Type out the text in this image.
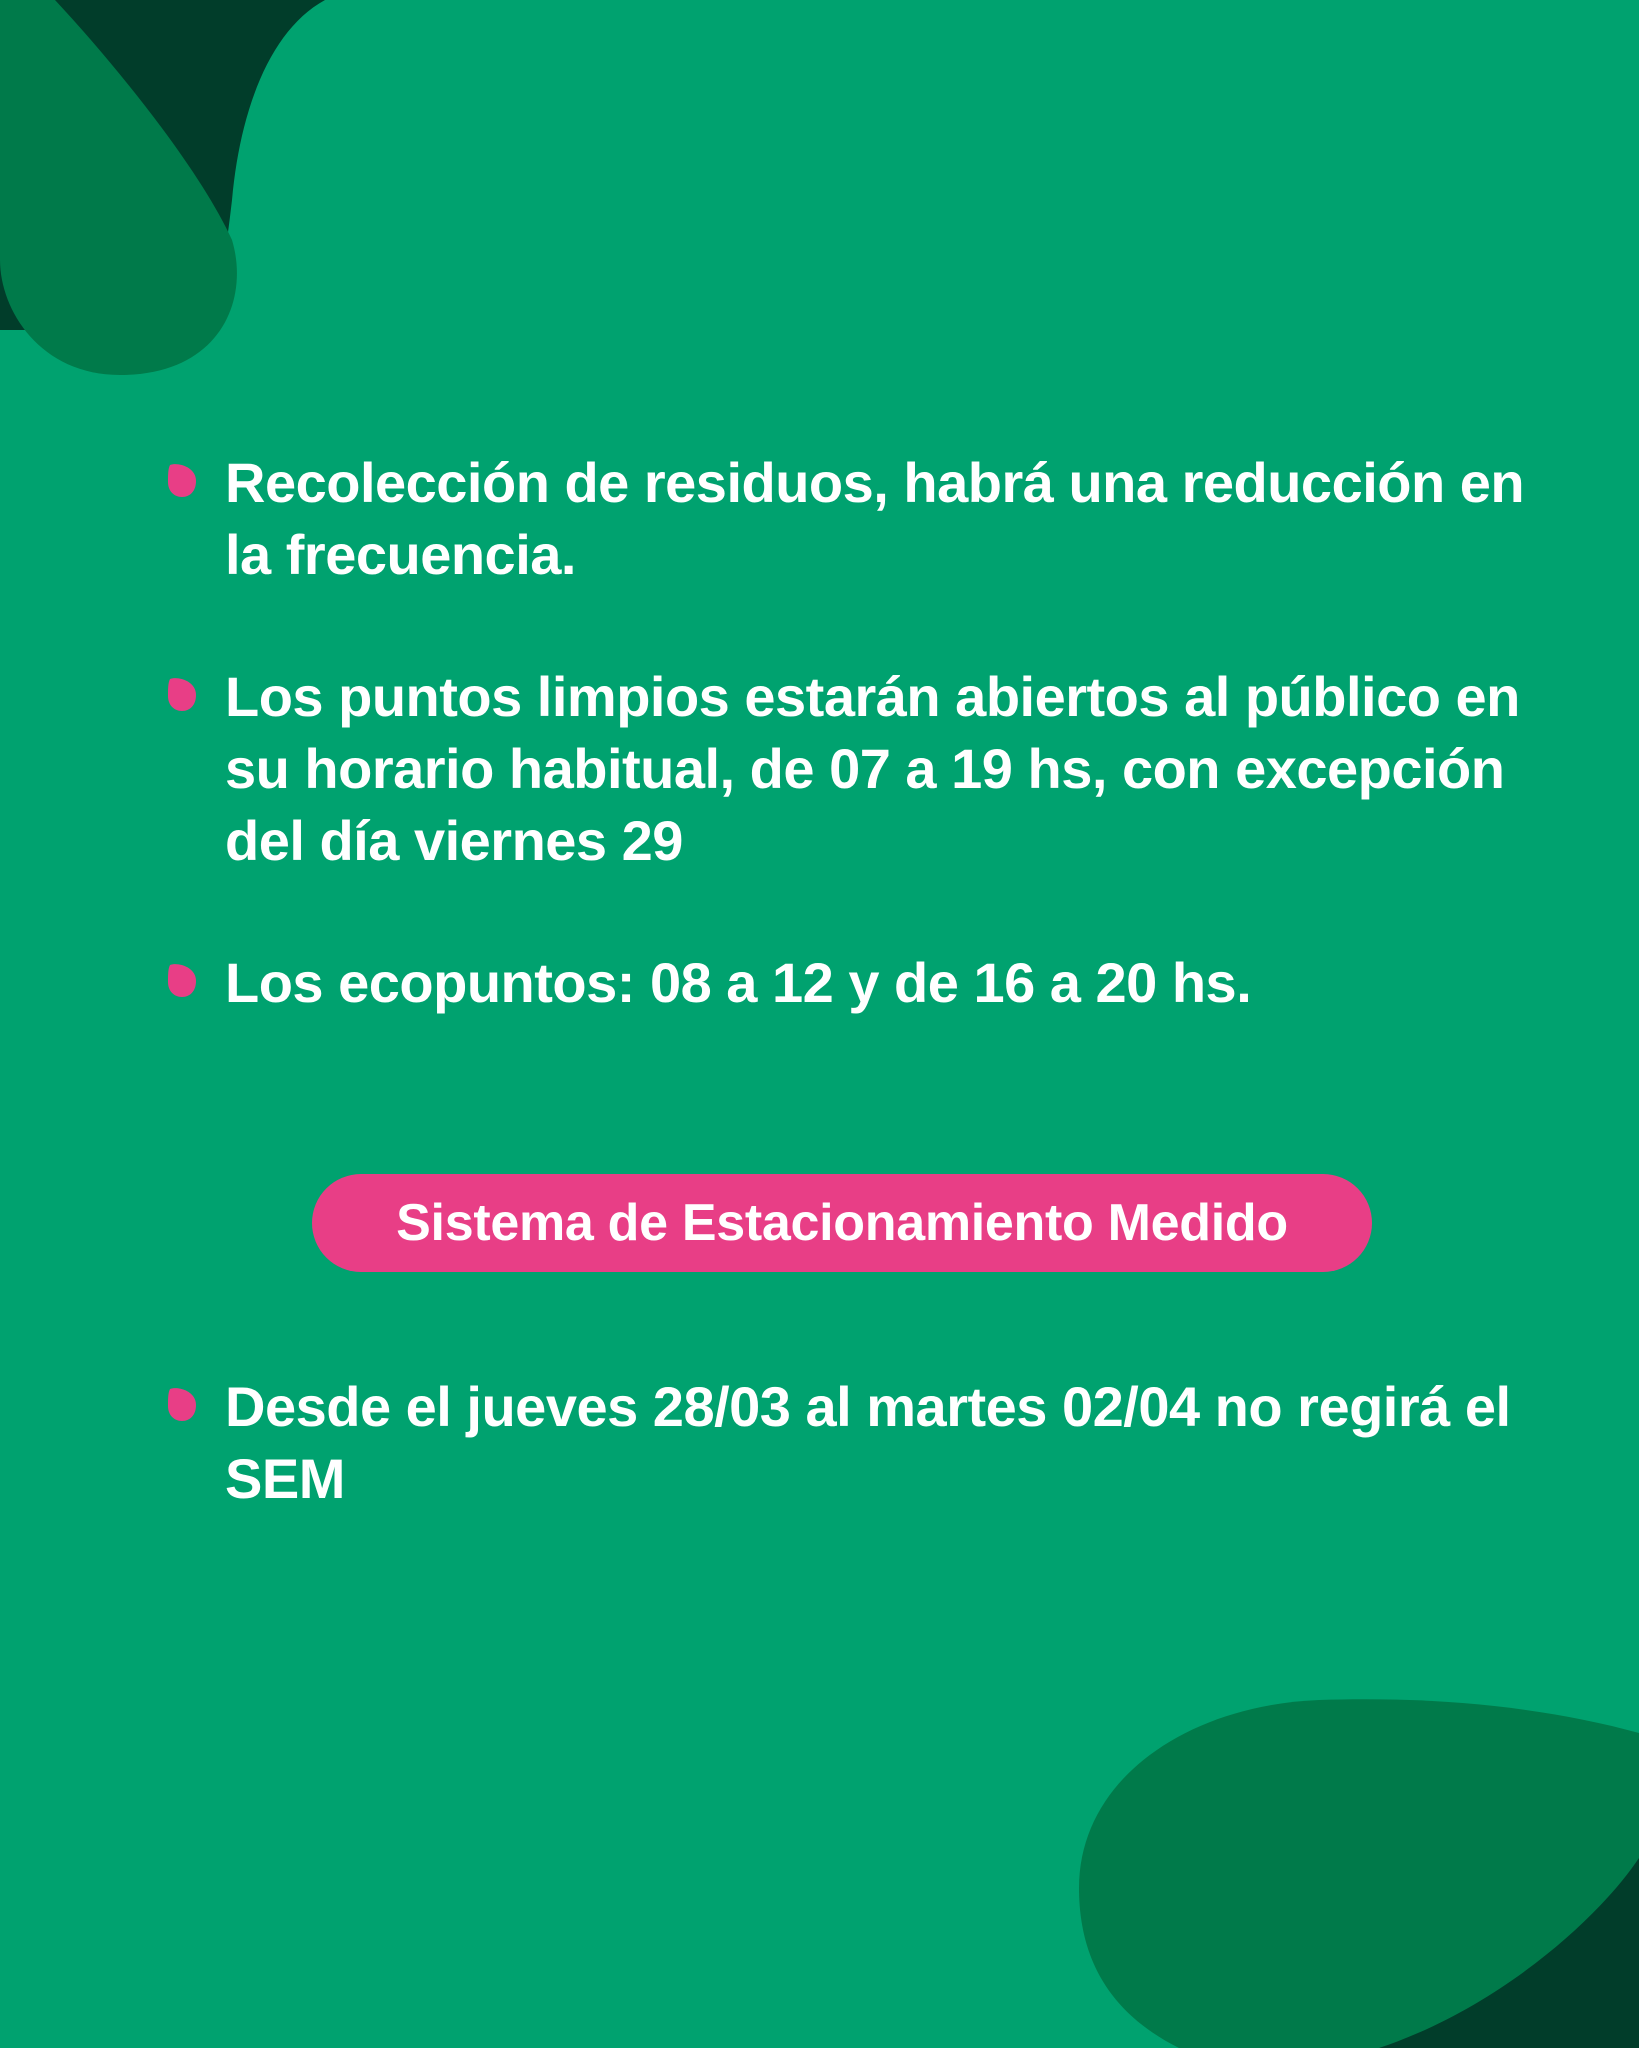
Recolección de residuos, habrá una reducción en la frecuencia.

Los puntos limpios estarán abiertos al público en su horario habitual, de 07 a 19 hs, con excepción del día viernes 29

Los ecopuntos: 08 a 12 y de 16 a 20 hs.

Sistema de Estacionamiento Medido

Desde el jueves 28/03 al martes 02/04 no regirá el SEM
